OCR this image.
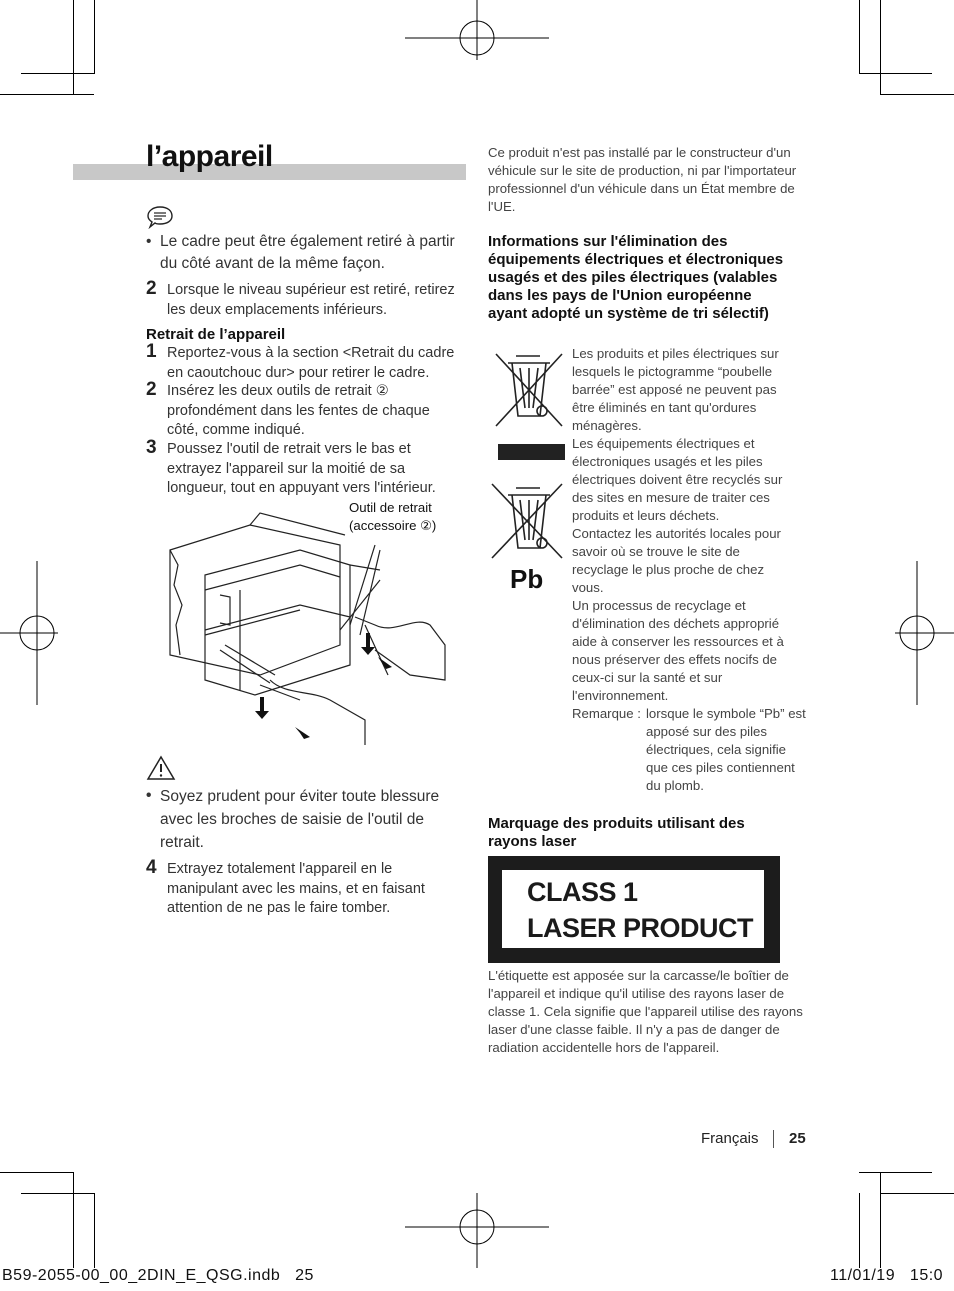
l’appareil
• Le cadre peut être également retiré à partir du côté avant de la même façon.
2 Lorsque le niveau supérieur est retiré, retirez les deux emplacements inférieurs.
Retrait de l’appareil
1 Reportez-vous à la section <Retrait du cadre en caoutchouc dur> pour retirer le cadre.
2 Insérez les deux outils de retrait ② profondément dans les fentes de chaque côté, comme indiqué.
3 Poussez l'outil de retrait vers le bas et extrayez l'appareil sur la moitié de sa longueur, tout en appuyant vers l'intérieur.
Outil de retrait
(accessoire ②)
• Soyez prudent pour éviter toute blessure avec les broches de saisie de l'outil de retrait.
4 Extrayez totalement l'appareil en le manipulant avec les mains, et en faisant attention de ne pas le faire tomber.
Ce produit n'est pas installé par le constructeur d'un véhicule sur le site de production, ni par l'importateur professionnel d'un véhicule dans un État membre de l'UE.
Informations sur l'élimination des équipements électriques et électroniques usagés et des piles électriques (valables dans les pays de l'Union européenne ayant adopté un système de tri sélectif)
Pb
Les produits et piles électriques sur lesquels le pictogramme “poubelle barrée” est apposé ne peuvent pas être éliminés en tant qu'ordures ménagères.
Les équipements électriques et électroniques usagés et les piles électriques doivent être recyclés sur des sites en mesure de traiter ces produits et leurs déchets.
Contactez les autorités locales pour savoir où se trouve le site de recyclage le plus proche de chez vous.
Un processus de recyclage et d'élimination des déchets approprié aide à conserver les ressources et à nous préserver des effets nocifs de ceux-ci sur la santé et sur l'environnement.
Remarque : lorsque le symbole “Pb” est apposé sur des piles électriques, cela signifie que ces piles contiennent du plomb.
Marquage des produits utilisant des rayons laser
CLASS 1
LASER PRODUCT
L'étiquette est apposée sur la carcasse/le boîtier de l'appareil et indique qu'il utilise des rayons laser de classe 1. Cela signifie que l'appareil utilise des rayons laser d'une classe faible. Il n'y a pas de danger de radiation accidentelle hors de l'appareil.
Français 25
B59-2055-00_00_2DIN_E_QSG.indb   25	11/01/19   15:0
